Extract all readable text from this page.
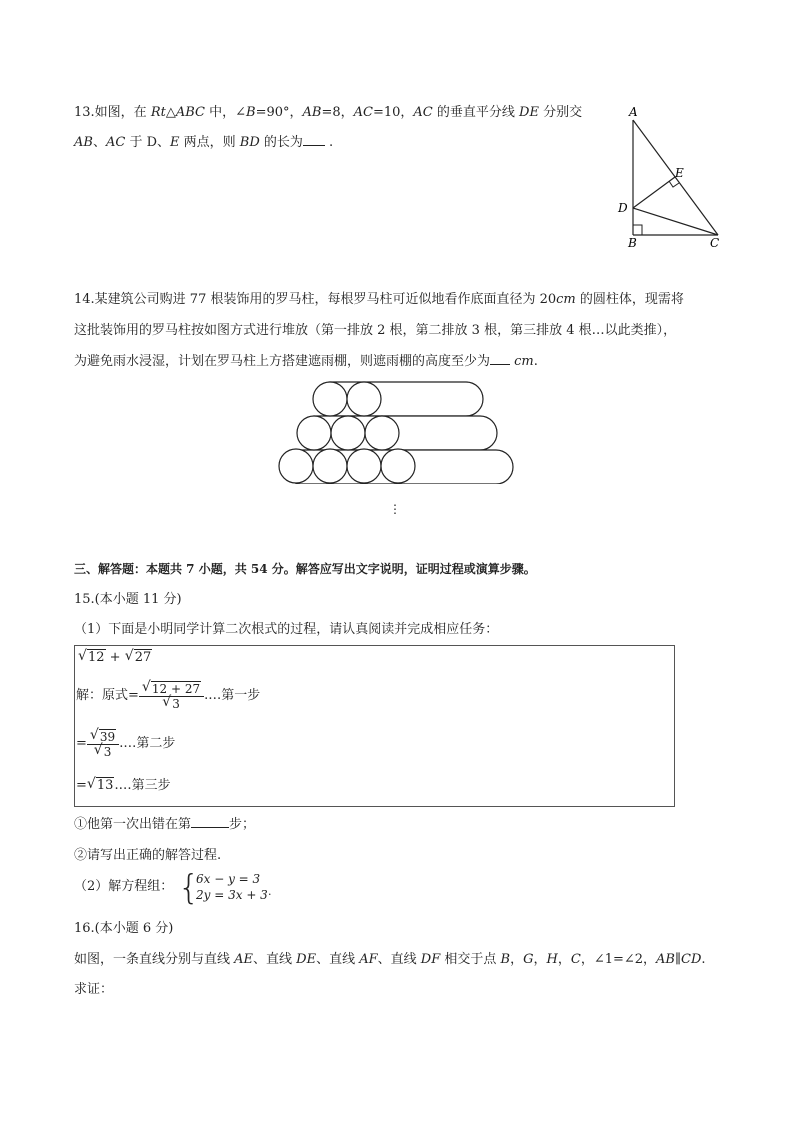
13.如图，在 Rt△ABC 中，∠B=90°，AB=8，AC=10，AC 的垂直平分线 DE 分别交
AB、AC 于 D、E 两点，则 BD 的长为 .
A
E
D
B	C
14.某建筑公司购进 77 根装饰用的罗马柱，每根罗马柱可近似地看作底面直径为 20cm 的圆柱体，现需将
这批装饰用的罗马柱按如图方式进行堆放（第一排放 2 根，第二排放 3 根，第三排放 4 根…以此类推），
为避免雨水浸湿，计划在罗马柱上方搭建遮雨棚，则遮雨棚的高度至少为 cm.
⋮
三、解答题：本题共 7 小题，共 54 分。解答应写出文字说明，证明过程或演算步骤。
15.(本小题 11 分)
（1）下面是小明同学计算二次根式的过程，请认真阅读并完成相应任务：
√ 12 + √ 27
解：原式= √ 12 + 27
√ 3 .…第一步
= √ 39
√ 3 .…第二步
= √ 13.…第三步
①他第一次出错在第	步；
②请写出正确的解答过程.
（2）解方程组： {
6x − y = 3
2y = 3x + 3 .
16.(本小题 6 分)
如图，一条直线分别与直线 AE、直线 DE、直线 AF、直线 DF 相交于点 B，G，H，C，∠1=∠2，AB∥CD.
求证：
